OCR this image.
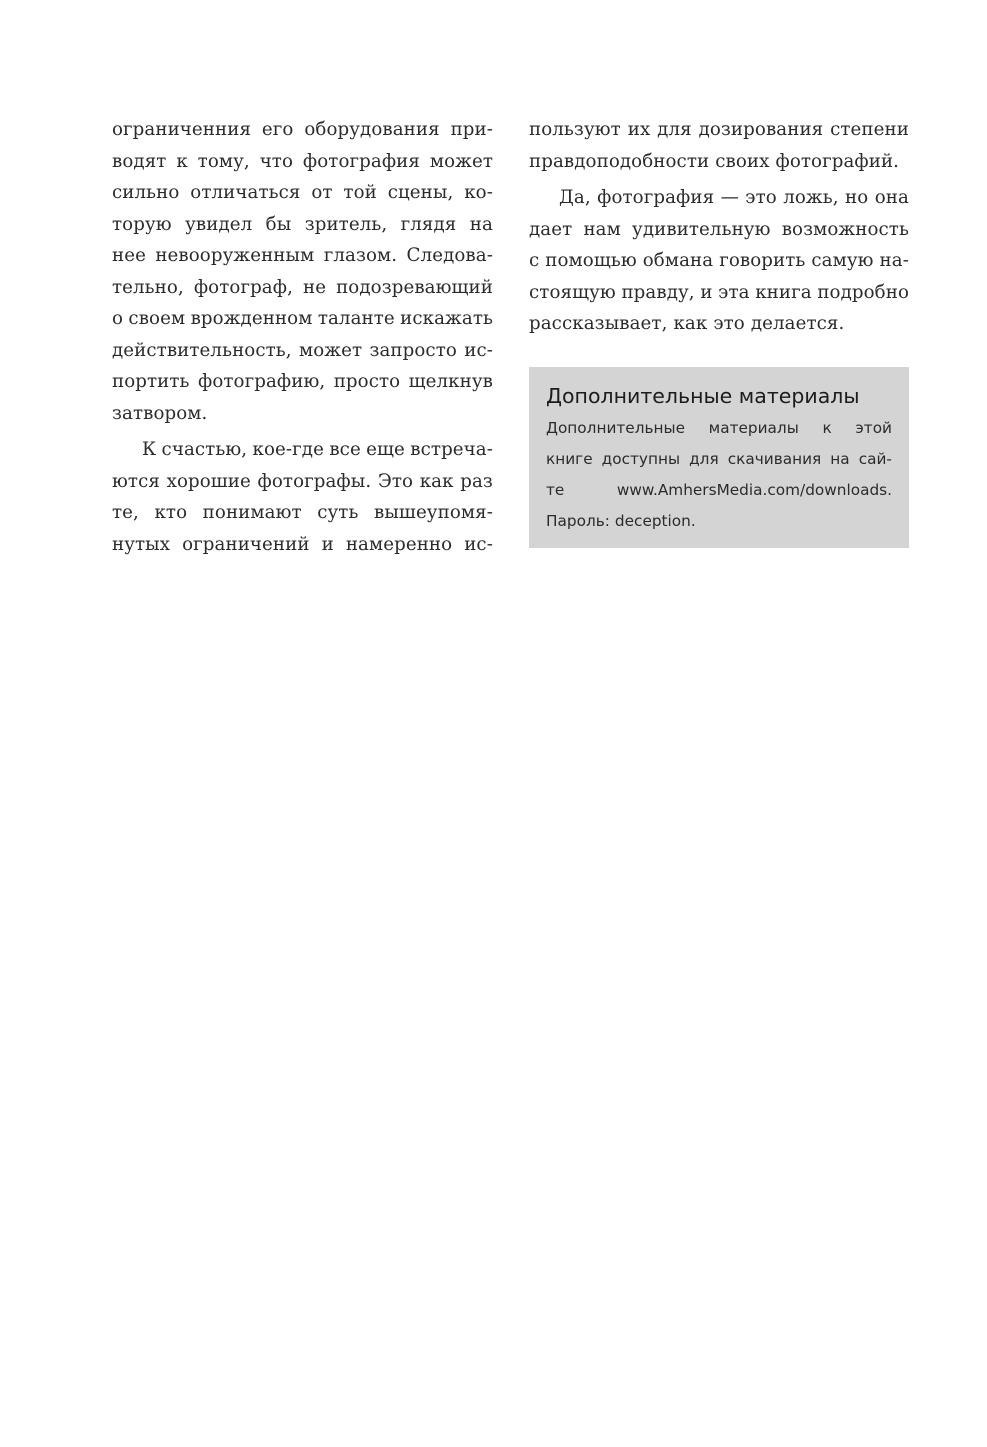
ограниченния его оборудования при-
водят к тому, что фотография может
сильно отличаться от той сцены, ко-
торую увидел бы зритель, глядя на
нее невооруженным глазом. Следова-
тельно, фотограф, не подозревающий
о своем врожденном таланте искажать
действительность, может запросто ис-
портить фотографию, просто щелкнув
затвором.
К счастью, кое-где все еще встреча-
ются хорошие фотографы. Это как раз
те, кто понимают суть вышеупомя-
нутых ограничений и намеренно ис-
пользуют их для дозирования степени
правдоподобности своих фотографий.
Да, фотография — это ложь, но она
дает нам удивительную возможность
с помощью обмана говорить самую на-
стоящую правду, и эта книга подробно
рассказывает, как это делается.
Дополнительные материалы
Дополнительные материалы к этой
книге доступны для скачивания на сай-
те	www.AmhersMedia.com/downloads.
Пароль: deception.
